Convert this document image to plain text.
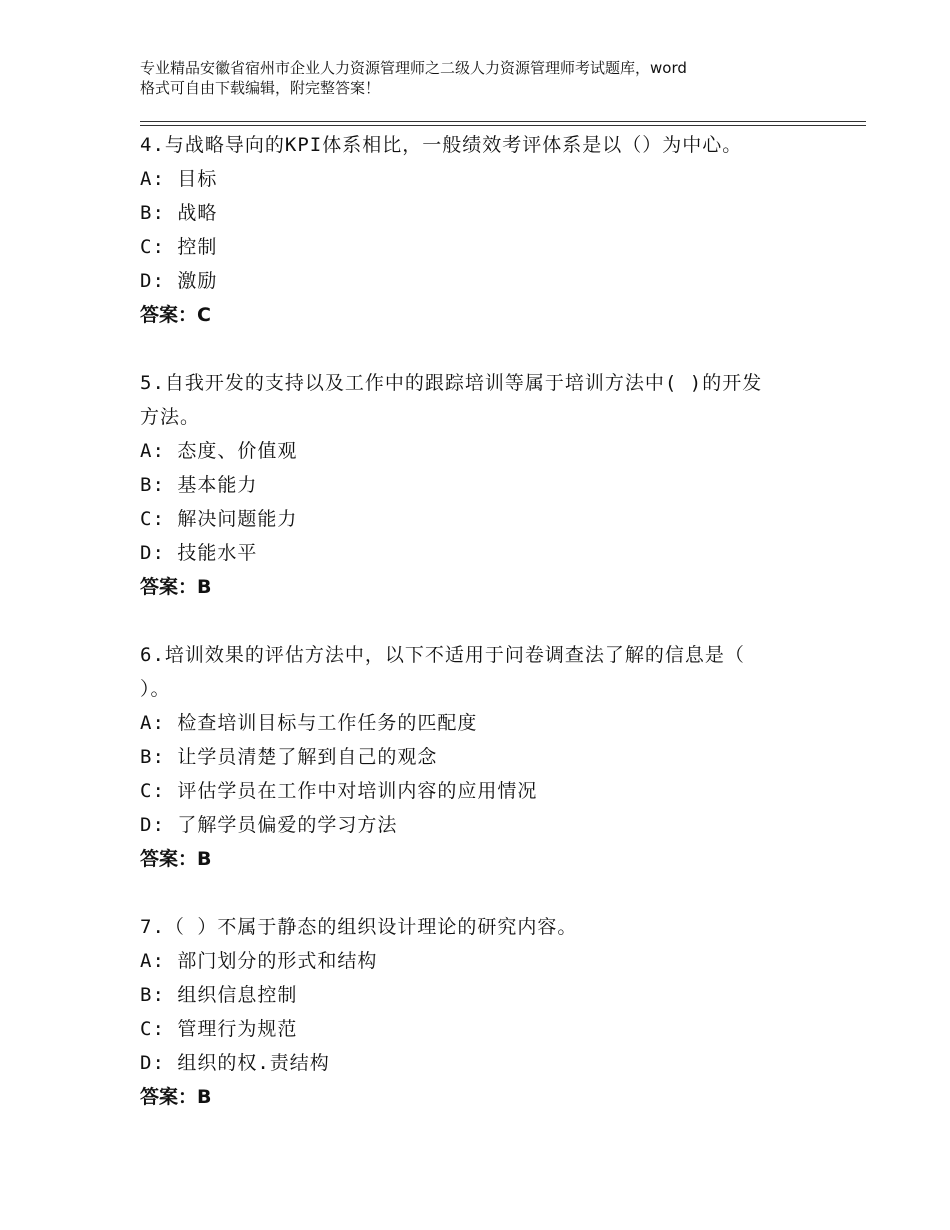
专业精品安徽省宿州市企业人力资源管理师之二级人力资源管理师考试题库，word
格式可自由下载编辑，附完整答案！
4.与战略导向的KPI体系相比，一般绩效考评体系是以（）为中心。
A: 目标
B: 战略
C: 控制
D: 激励
答案：C
5.自我开发的支持以及工作中的跟踪培训等属于培训方法中( )的开发
方法。
A: 态度、价值观
B: 基本能力
C: 解决问题能力
D: 技能水平
答案：B
6.培训效果的评估方法中，以下不适用于问卷调查法了解的信息是（
）。
A: 检查培训目标与工作任务的匹配度
B: 让学员清楚了解到自己的观念
C: 评估学员在工作中对培训内容的应用情况
D: 了解学员偏爱的学习方法
答案：B
7.（ ）不属于静态的组织设计理论的研究内容。
A: 部门划分的形式和结构
B: 组织信息控制
C: 管理行为规范
D: 组织的权.责结构
答案：B
